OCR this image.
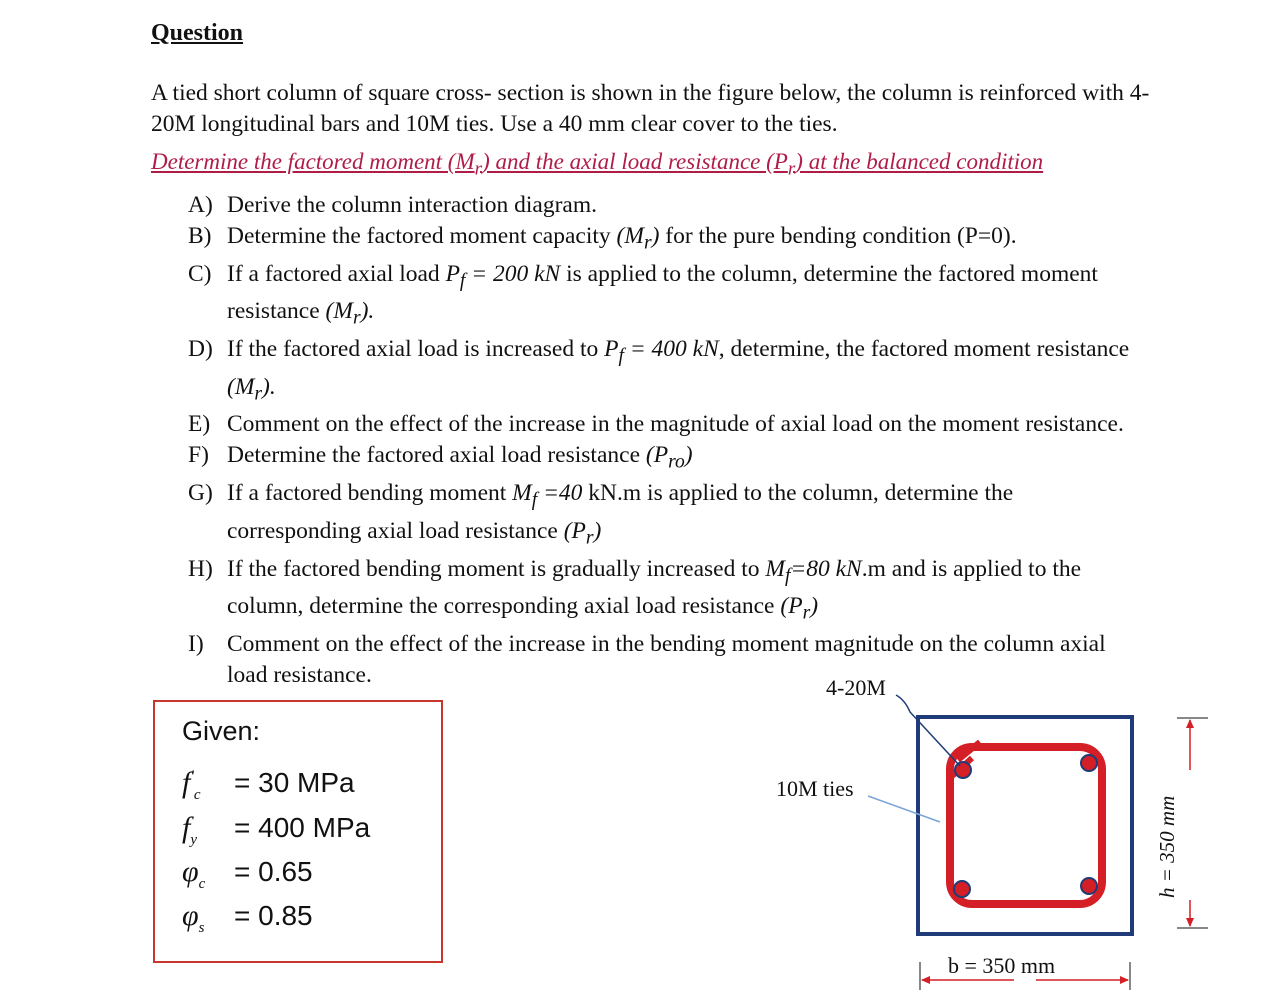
Question

A tied short column of square cross- section is shown in the figure below, the column is reinforced with 4-20M longitudinal bars and 10M ties. Use a 40 mm clear cover to the ties.

Determine the factored moment $(M_r)$ and the axial load resistance $(P_r)$ at the balanced condition

A) Derive the column interaction diagram.

B) Determine the factored moment capacity $(M_r)$ for the pure bending condition (P=0).

C) If a factored axial load $P_f = 200$ kN is applied to the column, determine the factored moment resistance $(M_r)$.

D) If the factored axial load is increased to $P_f = 400$ kN, determine, the factored moment resistance $(M_r)$.

E) Comment on the effect of the increase in the magnitude of axial load on the moment resistance.

F) Determine the factored axial load resistance $(P_{ro})$

G) If a factored bending moment $M_f =40$ kN.m is applied to the column, determine the corresponding axial load resistance $(P_r)$

H) If the factored bending moment is gradually increased to $M_f=80$ kN.m and is applied to the column, determine the corresponding axial load resistance $(P_r)$

I) Comment on the effect of the increase in the bending moment magnitude on the column axial load resistance.

Given:
$f'_c = 30$ MPa
$f_y = 400$ MPa
$\varphi_c = 0.65$
$\varphi_s = 0.85$
4-20M
10M ties
b = 350 mm
h = 350 mm
